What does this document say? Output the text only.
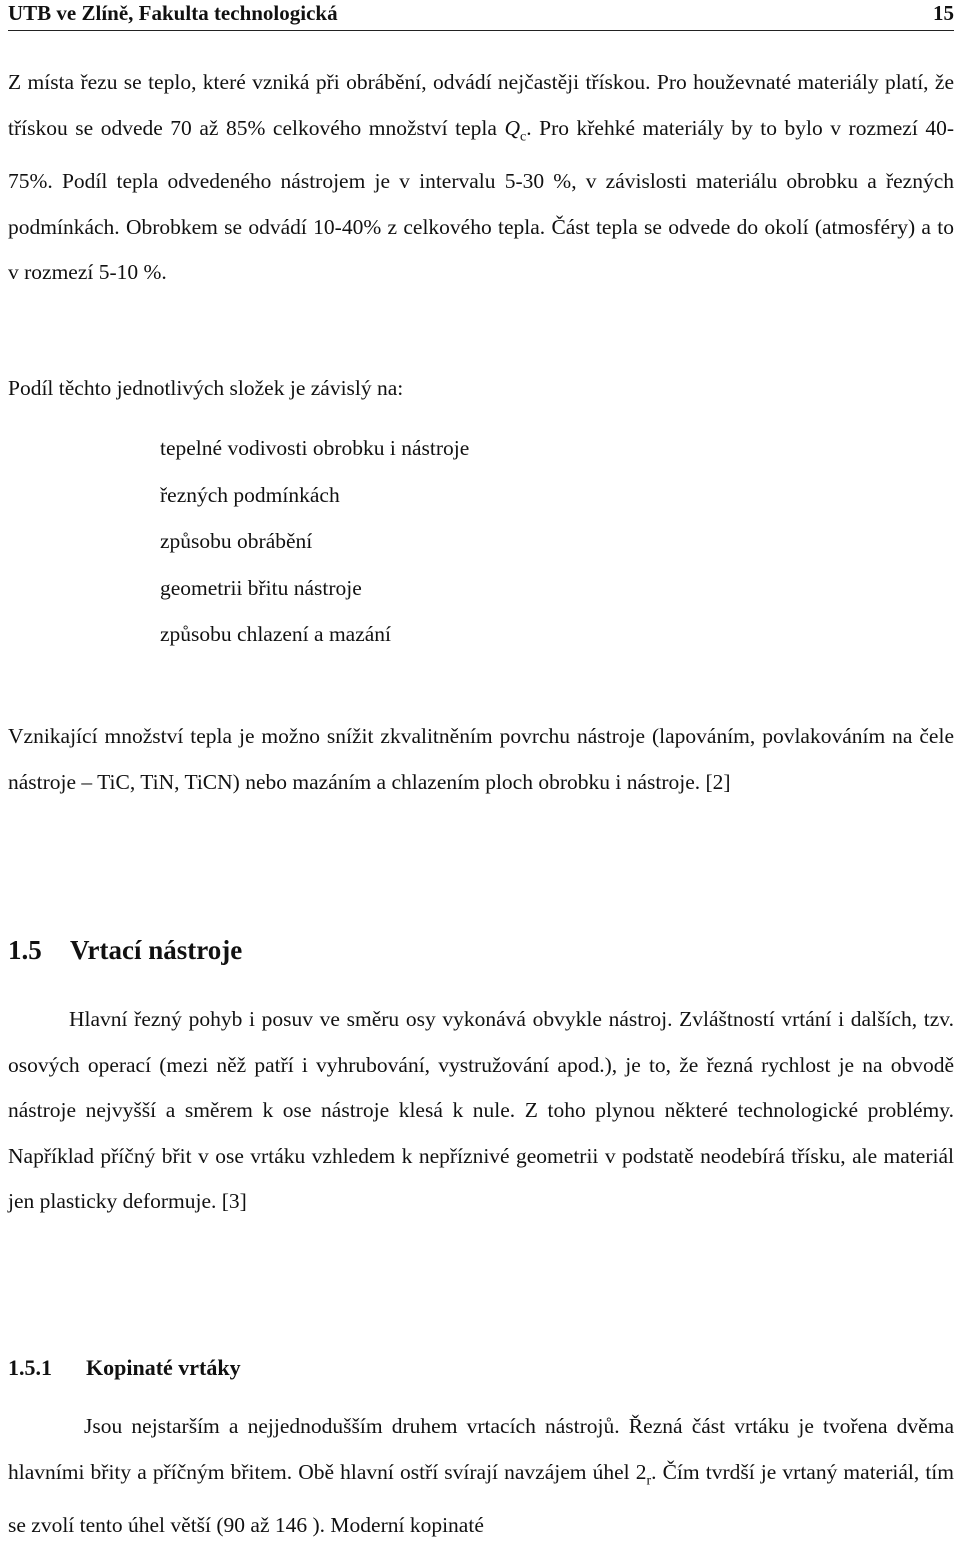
UTB ve Zlíně, Fakulta technologická	15

Z místa řezu se teplo, které vzniká při obrábění, odvádí nejčastěji třískou. Pro houževnaté materiály platí, že třískou se odvede 70 až 85% celkového množství tepla $Q_c$. Pro křehké materiály by to bylo v rozmezí 40-75%. Podíl tepla odvedeného nástrojem je v intervalu 5-30 %, v závislosti materiálu obrobku a řezných podmínkách. Obrobkem se odvádí 10-40% z celkového tepla. Část tepla se odvede do okolí (atmosféry) a to v rozmezí 5-10 %.

Podíl těchto jednotlivých složek je závislý na:

tepelné vodivosti obrobku i nástroje
řezných podmínkách
způsobu obrábění
geometrii břitu nástroje
způsobu chlazení a mazání

Vznikající množství tepla je možno snížit zkvalitněním povrchu nástroje (lapováním, povlakováním na čele nástroje – TiC, TiN, TiCN) nebo mazáním a chlazením ploch obrobku i nástroje. [2]

1.5 Vrtací nástroje

Hlavní řezný pohyb i posuv ve směru osy vykonává obvykle nástroj. Zvláštností vrtání i dalších, tzv. osových operací (mezi něž patří i vyhrubování, vystružování apod.), je to, že řezná rychlost je na obvodě nástroje nejvyšší a směrem k ose nástroje klesá k nule. Z toho plynou některé technologické problémy. Například příčný břit v ose vrtáku vzhledem k nepříznivé geometrii v podstatě neodebírá třísku, ale materiál jen plasticky deformuje. [3]

1.5.1 Kopinaté vrtáky

Jsou nejstarším a nejjednodušším druhem vrtacích nástrojů. Řezná část vrtáku je tvořena dvěma hlavními břity a příčným břitem. Obě hlavní ostří svírají navzájem úhel $2_r$. Čím tvrdší je vrtaný materiál, tím se zvolí tento úhel větší (90 až 146 ). Moderní kopinaté
